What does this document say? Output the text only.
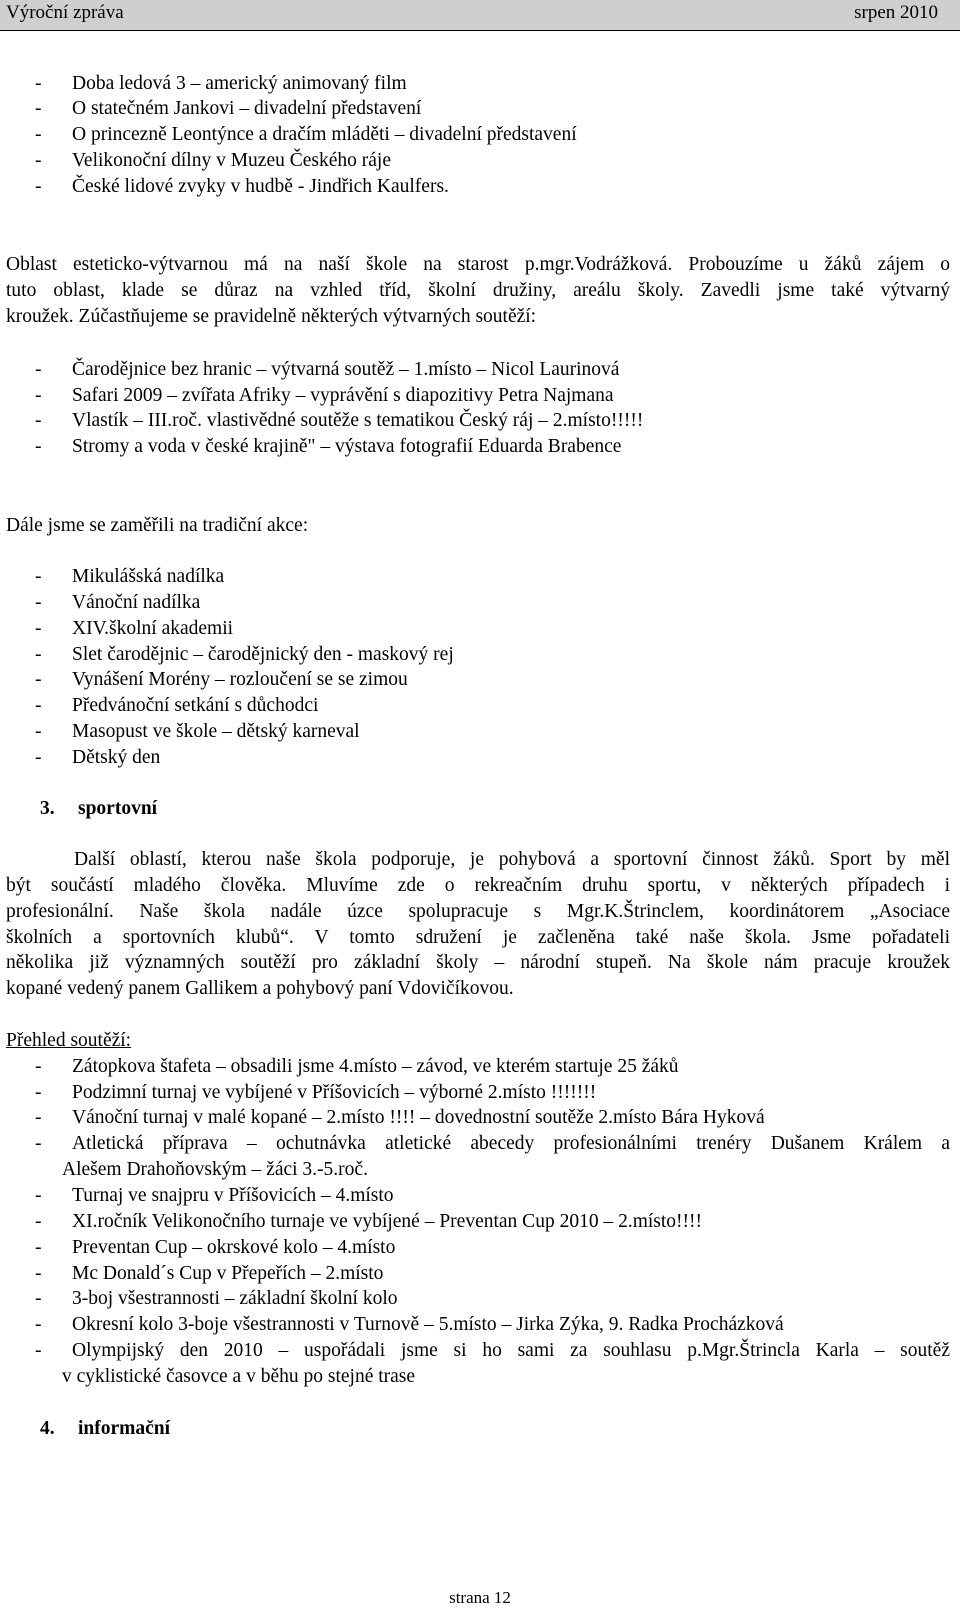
Výroční zpráva	srpen 2010
- Doba ledová 3 – americký animovaný film
- O statečném Jankovi – divadelní představení
- O princezně Leontýnce a dračím mláděti – divadelní představení
- Velikonoční dílny v Muzeu Českého ráje
- České lidové zvyky v hudbě - Jindřich Kaulfers.
Oblast esteticko-výtvarnou má na naší škole na starost p.mgr.Vodrážková. Probouzíme u žáků zájem o
tuto oblast, klade se důraz na vzhled tříd, školní družiny, areálu školy. Zavedli jsme také výtvarný
kroužek. Zúčastňujeme se pravidelně některých výtvarných soutěží:
- Čarodějnice bez hranic – výtvarná soutěž – 1.místo – Nicol Laurinová
- Safari 2009 – zvířata Afriky – vyprávění s diapozitivy Petra Najmana
- Vlastík – III.roč. vlastivědné soutěže s tematikou Český ráj – 2.místo!!!!!
- Stromy a voda v české krajině" – výstava fotografií Eduarda Brabence
Dále jsme se zaměřili na tradiční akce:
- Mikulášská nadílka
- Vánoční nadílka
- XIV.školní akademii
- Slet čarodějnic – čarodějnický den - maskový rej
- Vynášení Morény – rozloučení se se zimou
- Předvánoční setkání s důchodci
- Masopust ve škole – dětský karneval
- Dětský den
3. sportovní
Další oblastí, kterou naše škola podporuje, je pohybová a sportovní činnost žáků. Sport by měl
být součástí mladého člověka. Mluvíme zde o rekreačním druhu sportu, v některých případech i
profesionální. Naše škola nadále úzce spolupracuje s Mgr.K.Štrinclem, koordinátorem „Asociace
školních a sportovních klubů“. V tomto sdružení je začleněna také naše škola. Jsme pořadateli
několika již významných soutěží pro základní školy – národní stupeň. Na škole nám pracuje kroužek
kopané vedený panem Gallikem a pohybový paní Vdovičíkovou.
Přehled soutěží:
- Zátopkova štafeta – obsadili jsme 4.místo – závod, ve kterém startuje 25 žáků
- Podzimní turnaj ve vybíjené v Příšovicích – výborné 2.místo !!!!!!!
- Vánoční turnaj v malé kopané – 2.místo !!!! – dovednostní soutěže 2.místo Bára Hyková
- Atletická příprava – ochutnávka atletické abecedy profesionálními trenéry Dušanem Králem a
Alešem Drahoňovským – žáci 3.-5.roč.
- Turnaj ve snajpru v Příšovicích – 4.místo
- XI.ročník Velikonočního turnaje ve vybíjené – Preventan Cup 2010 – 2.místo!!!!
- Preventan Cup – okrskové kolo – 4.místo
- Mc Donald´s Cup v Přepeřích – 2.místo
- 3-boj všestrannosti – základní školní kolo
- Okresní kolo 3-boje všestrannosti v Turnově – 5.místo – Jirka Zýka, 9. Radka Procházková
- Olympijský den 2010 – uspořádali jsme si ho sami za souhlasu p.Mgr.Štrincla Karla – soutěž
v cyklistické časovce a v běhu po stejné trase
4. informační
strana 12
